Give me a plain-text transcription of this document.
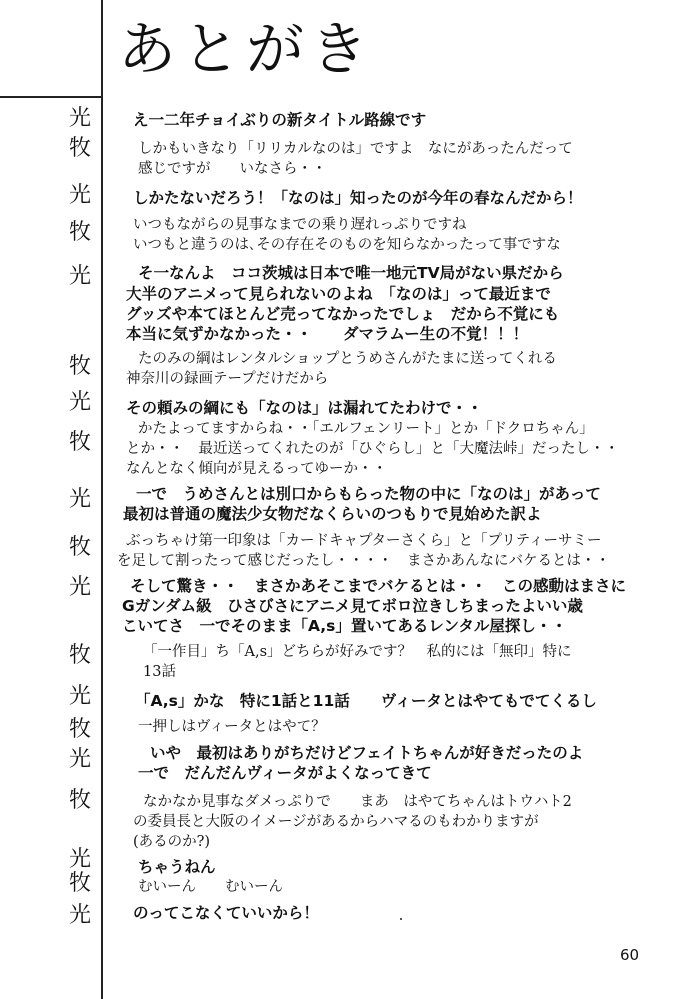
あとがき
光
牧
光
牧
光
牧
光
牧
光
牧
光
牧
光
牧
光
牧
光
牧
光
え一二年チョイぶりの新タイトル路線です
しかもいきなり「リリカルなのは」ですよ　なにがあったんだって
感じですが　　いなさら・・
しかたないだろう！「なのは」知ったのが今年の春なんだから！
いつもながらの見事なまでの乗り遅れっぷりですね
いつもと違うのは､その存在そのものを知らなかったって事ですな
そ一なんよ　ココ茨城は日本で唯一地元TV局がない県だから
大半のアニメって見られないのよね　「なのは」って最近まで
グッズや本てほとんど売ってなかったでしょ　だから不覚にも
本当に気ずかなかった・・　　ダマラムー生の不覚！！！
たのみの綱はレンタルショップとうめさんがたまに送ってくれる
神奈川の録画テープだけだから
その頼みの綱にも「なのは」は漏れてたわけで・・
かたよってますからね・・「エルフェンリート」とか「ドクロちゃん」
とか・・　最近送ってくれたのが「ひぐらし」と「大魔法峠」だったし・・
なんとなく傾向が見えるってゆーか・・
一で　うめさんとは別口からもらった物の中に「なのは」があって
最初は普通の魔法少女物だなくらいのつもりで見始めた訳よ
ぶっちゃけ第一印象は「カードキャプターさくら」と「プリティーサミー
を足して割ったって感じだったし・・・・　まさかあんなにバケるとは・・
そして驚き・・　まさかあそこまでバケるとは・・　この感動はまさに
Gガンダム級　ひさびさにアニメ見てボロ泣きしちまったよいい歳
こいてさ　一でそのまま「A,s」置いてあるレンタル屋探し・・
「一作目」ち「A,s」どちらが好みです？　私的には「無印」特に
13話
「A,s」かな　特に1話と11話　　ヴィータとはやてもでてくるし
一押しはヴィータとはやて？
いや　最初はありがちだけどフェイトちゃんが好きだったのよ
一で　だんだんヴィータがよくなってきて
なかなか見事なダメっぷりで　　まあ　はやてちゃんはトウハト2
の委員長と大阪のイメージがあるからハマるのもわかりますが
(あるのか?)
ちゃうねん
むいーん　　むいーん
のってこなくていいから！
60
